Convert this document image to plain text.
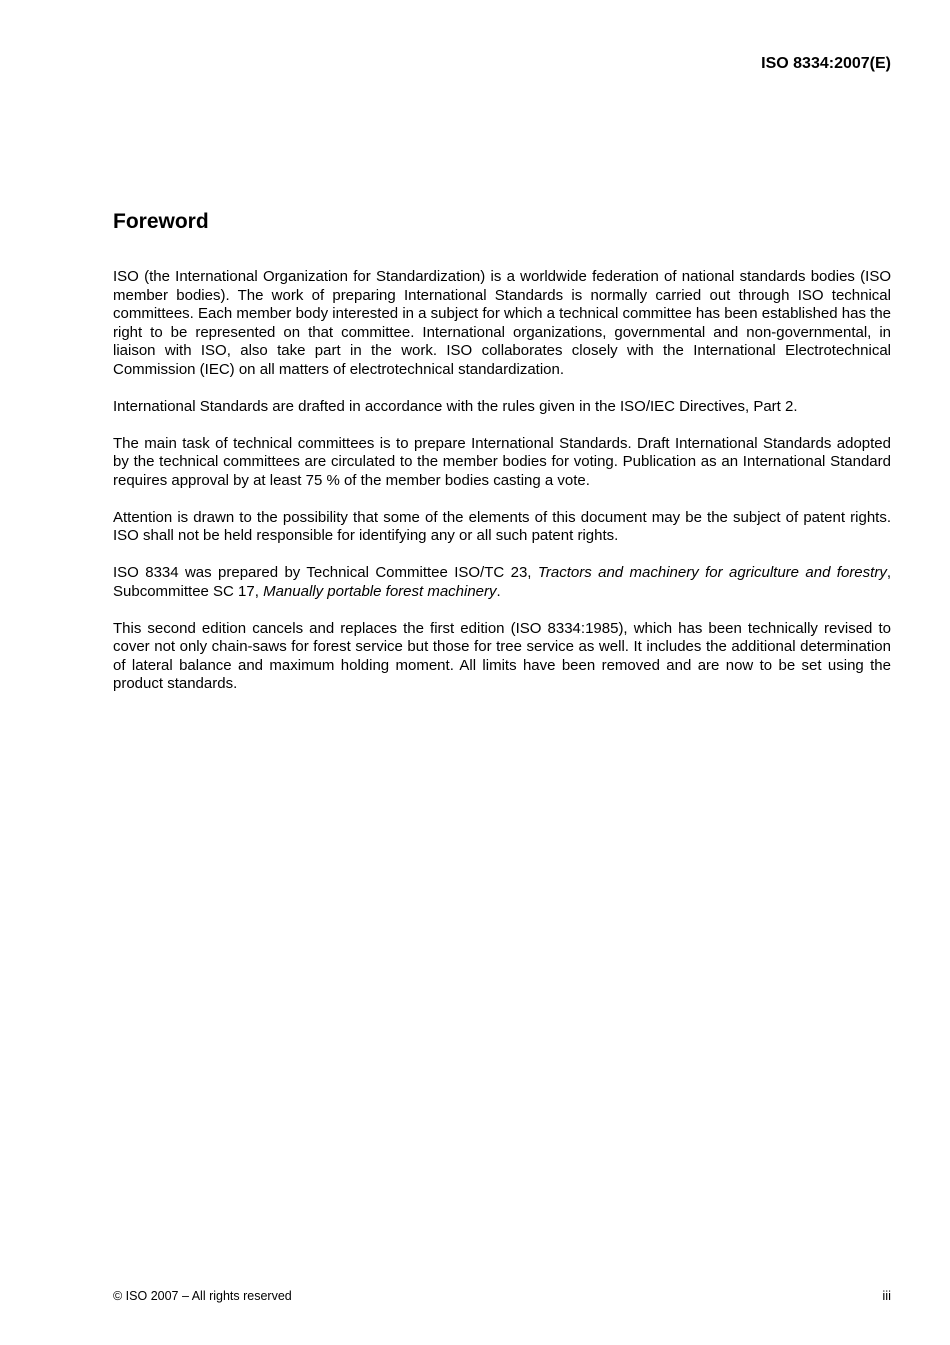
ISO 8334:2007(E)

Foreword

ISO (the International Organization for Standardization) is a worldwide federation of national standards bodies (ISO member bodies). The work of preparing International Standards is normally carried out through ISO technical committees. Each member body interested in a subject for which a technical committee has been established has the right to be represented on that committee. International organizations, governmental and non-governmental, in liaison with ISO, also take part in the work. ISO collaborates closely with the International Electrotechnical Commission (IEC) on all matters of electrotechnical standardization.

International Standards are drafted in accordance with the rules given in the ISO/IEC Directives, Part 2.

The main task of technical committees is to prepare International Standards. Draft International Standards adopted by the technical committees are circulated to the member bodies for voting. Publication as an International Standard requires approval by at least 75 % of the member bodies casting a vote.

Attention is drawn to the possibility that some of the elements of this document may be the subject of patent rights. ISO shall not be held responsible for identifying any or all such patent rights.

ISO 8334 was prepared by Technical Committee ISO/TC 23, Tractors and machinery for agriculture and forestry, Subcommittee SC 17, Manually portable forest machinery.

This second edition cancels and replaces the first edition (ISO 8334:1985), which has been technically revised to cover not only chain-saws for forest service but those for tree service as well. It includes the additional determination of lateral balance and maximum holding moment. All limits have been removed and are now to be set using the product standards.

© ISO 2007 – All rights reserved	iii
